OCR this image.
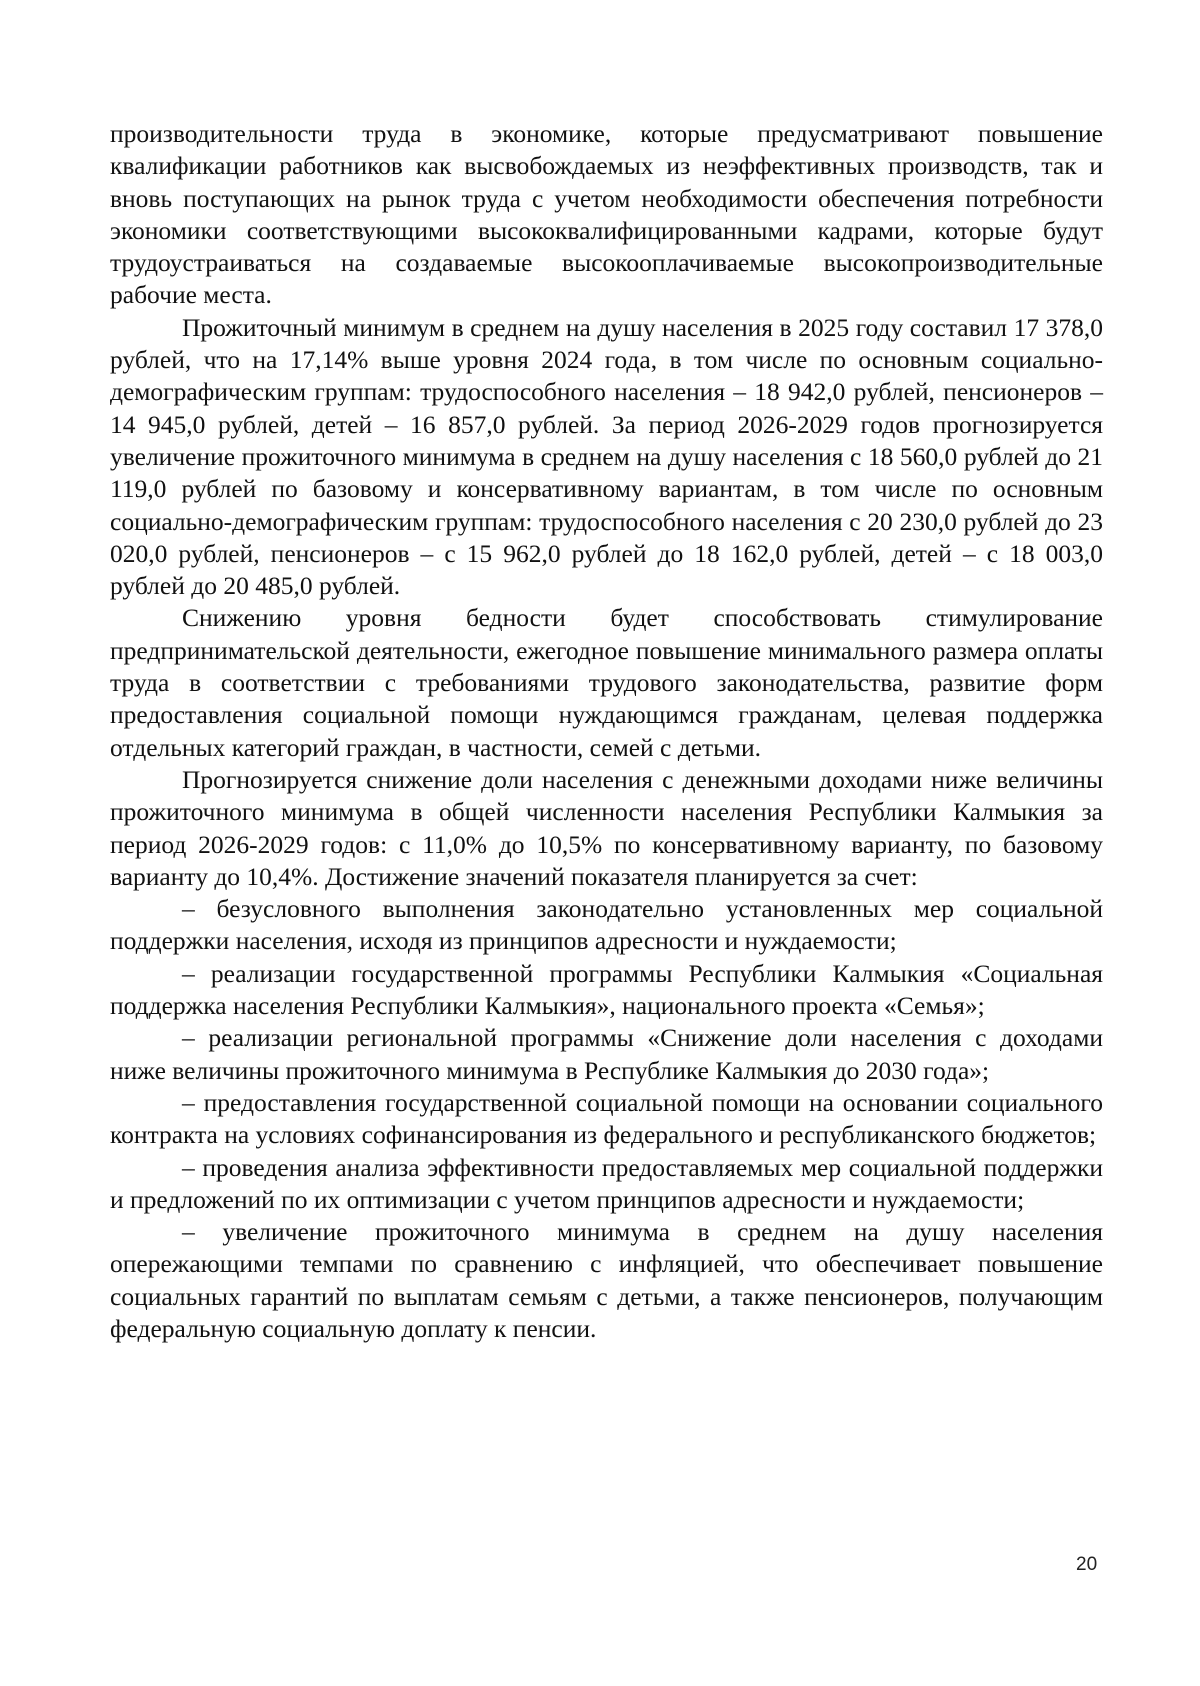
производительности труда в экономике, которые предусматривают повышение квалификации работников как высвобождаемых из неэффективных производств, так и вновь поступающих на рынок труда с учетом необходимости обеспечения потребности экономики соответствующими высококвалифицированными кадрами, которые будут трудоустраиваться на создаваемые высокооплачиваемые высокопроизводительные рабочие места.

Прожиточный минимум в среднем на душу населения в 2025 году составил 17 378,0 рублей, что на 17,14% выше уровня 2024 года, в том числе по основным социально-демографическим группам: трудоспособного населения – 18 942,0 рублей, пенсионеров – 14 945,0 рублей, детей – 16 857,0 рублей. За период 2026-2029 годов прогнозируется увеличение прожиточного минимума в среднем на душу населения с 18 560,0 рублей до 21 119,0 рублей по базовому и консервативному вариантам, в том числе по основным социально-демографическим группам: трудоспособного населения с 20 230,0 рублей до 23 020,0 рублей, пенсионеров – с 15 962,0 рублей до 18 162,0 рублей, детей – с 18 003,0 рублей до 20 485,0 рублей.

Снижению уровня бедности будет способствовать стимулирование предпринимательской деятельности, ежегодное повышение минимального размера оплаты труда в соответствии с требованиями трудового законодательства, развитие форм предоставления социальной помощи нуждающимся гражданам, целевая поддержка отдельных категорий граждан, в частности, семей с детьми.

Прогнозируется снижение доли населения с денежными доходами ниже величины прожиточного минимума в общей численности населения Республики Калмыкия за период 2026-2029 годов: с 11,0% до 10,5% по консервативному варианту, по базовому варианту до 10,4%. Достижение значений показателя планируется за счет:

– безусловного выполнения законодательно установленных мер социальной поддержки населения, исходя из принципов адресности и нуждаемости;

– реализации государственной программы Республики Калмыкия «Социальная поддержка населения Республики Калмыкия», национального проекта «Семья»;

– реализации региональной программы «Снижение доли населения с доходами ниже величины прожиточного минимума в Республике Калмыкия до 2030 года»;

– предоставления государственной социальной помощи на основании социального контракта на условиях софинансирования из федерального и республиканского бюджетов;

– проведения анализа эффективности предоставляемых мер социальной поддержки и предложений по их оптимизации с учетом принципов адресности и нуждаемости;

– увеличение прожиточного минимума в среднем на душу населения опережающими темпами по сравнению с инфляцией, что обеспечивает повышение социальных гарантий по выплатам семьям с детьми, а также пенсионеров, получающим федеральную социальную доплату к пенсии.

20
